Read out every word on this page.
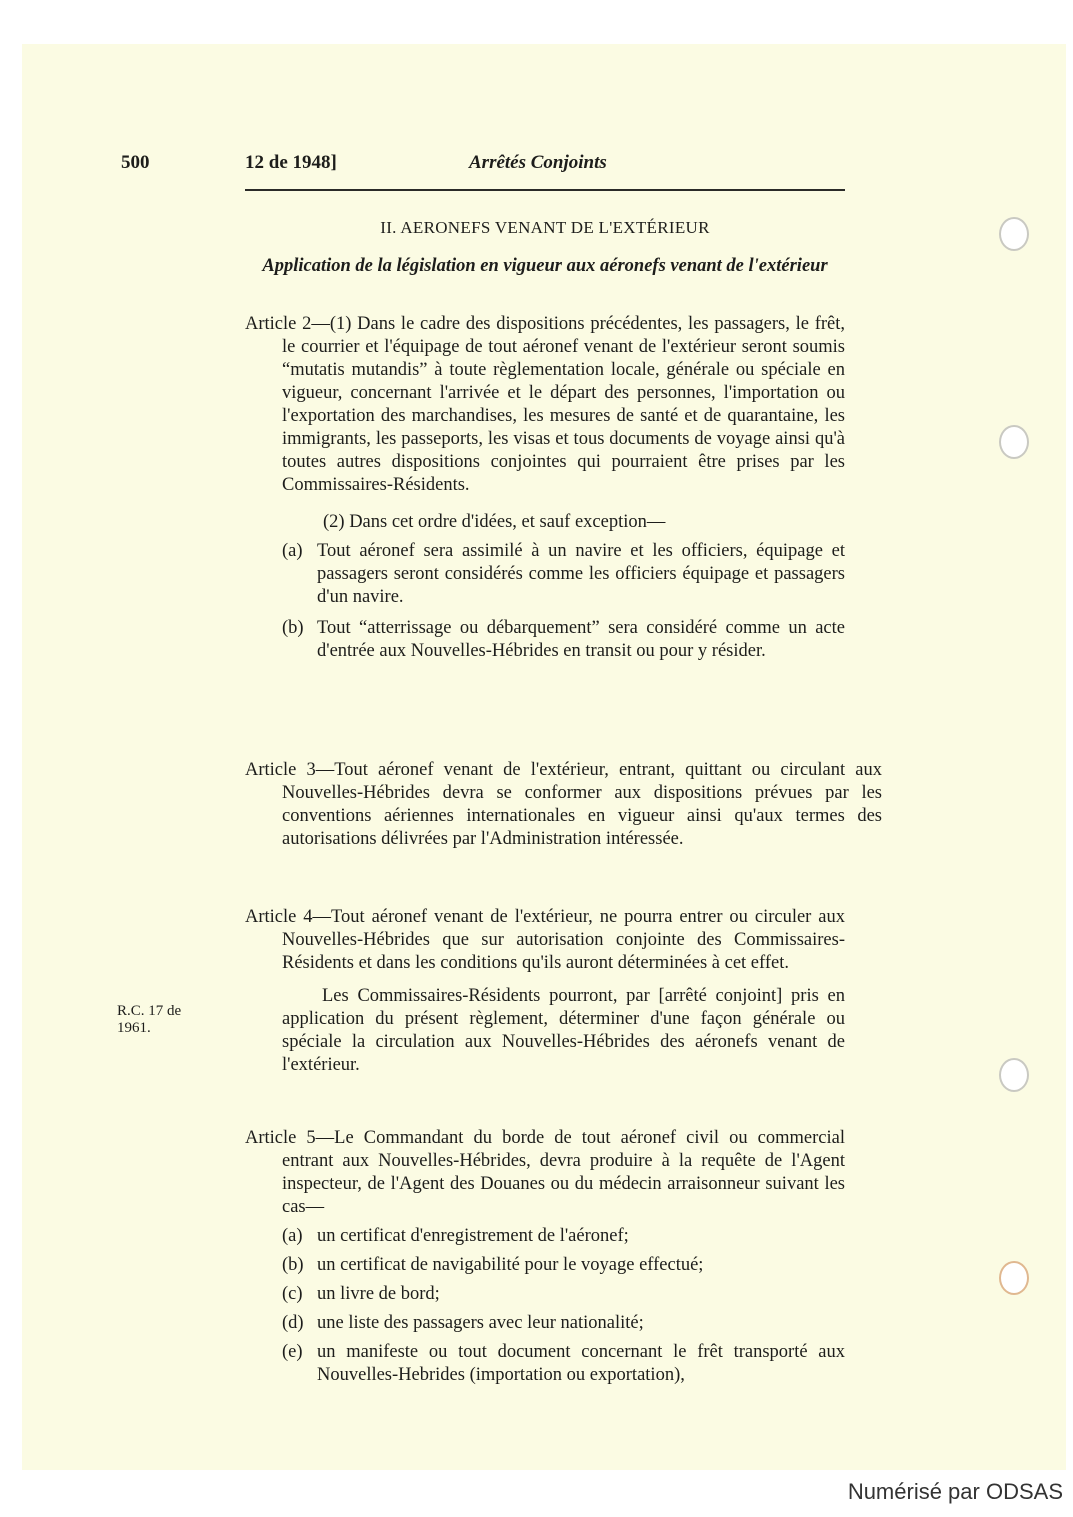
500	12 de 1948]	Arrêtés Conjoints
II. AERONEFS VENANT DE L'EXTÉRIEUR
Application de la législation en vigueur aux aéronefs venant de l'extérieur
Article 2—(1) Dans le cadre des dispositions précédentes, les passagers, le frêt, le courrier et l'équipage de tout aéronef venant de l'extérieur seront soumis “mutatis mutandis” à toute règlementation locale, générale ou spéciale en vigueur, concernant l'arrivée et le départ des personnes, l'importation ou l'exportation des marchandises, les mesures de santé et de quarantaine, les immigrants, les passeports, les visas et tous documents de voyage ainsi qu'à toutes autres dispositions conjointes qui pourraient être prises par les Commissaires-Résidents.
(2) Dans cet ordre d'idées, et sauf exception—
(a) Tout aéronef sera assimilé à un navire et les officiers, équipage et passagers seront considérés comme les officiers équipage et passagers d'un navire.
(b) Tout “atterrissage ou débarquement” sera considéré comme un acte d'entrée aux Nouvelles-Hébrides en transit ou pour y résider.
Article 3—Tout aéronef venant de l'extérieur, entrant, quittant ou circulant aux Nouvelles-Hébrides devra se conformer aux dispositions prévues par les conventions aériennes internationales en vigueur ainsi qu'aux termes des autorisations délivrées par l'Administration intéressée.
Article 4—Tout aéronef venant de l'extérieur, ne pourra entrer ou circuler aux Nouvelles-Hébrides que sur autorisation conjointe des Commissaires-Résidents et dans les conditions qu'ils auront déterminées à cet effet.
Les Commissaires-Résidents pourront, par [arrêté conjoint] pris en application du présent règlement, déterminer d'une façon générale ou spéciale la circulation aux Nouvelles-Hébrides des aéronefs venant de l'extérieur.
R.C. 17 de 1961.
Article 5—Le Commandant du borde de tout aéronef civil ou commercial entrant aux Nouvelles-Hébrides, devra produire à la requête de l'Agent inspecteur, de l'Agent des Douanes ou du médecin arraisonneur suivant les cas—
(a) un certificat d'enregistrement de l'aéronef;
(b) un certificat de navigabilité pour le voyage effectué;
(c) un livre de bord;
(d) une liste des passagers avec leur nationalité;
(e) un manifeste ou tout document concernant le frêt transporté aux Nouvelles-Hebrides (importation ou exportation),
Numérisé par ODSAS
